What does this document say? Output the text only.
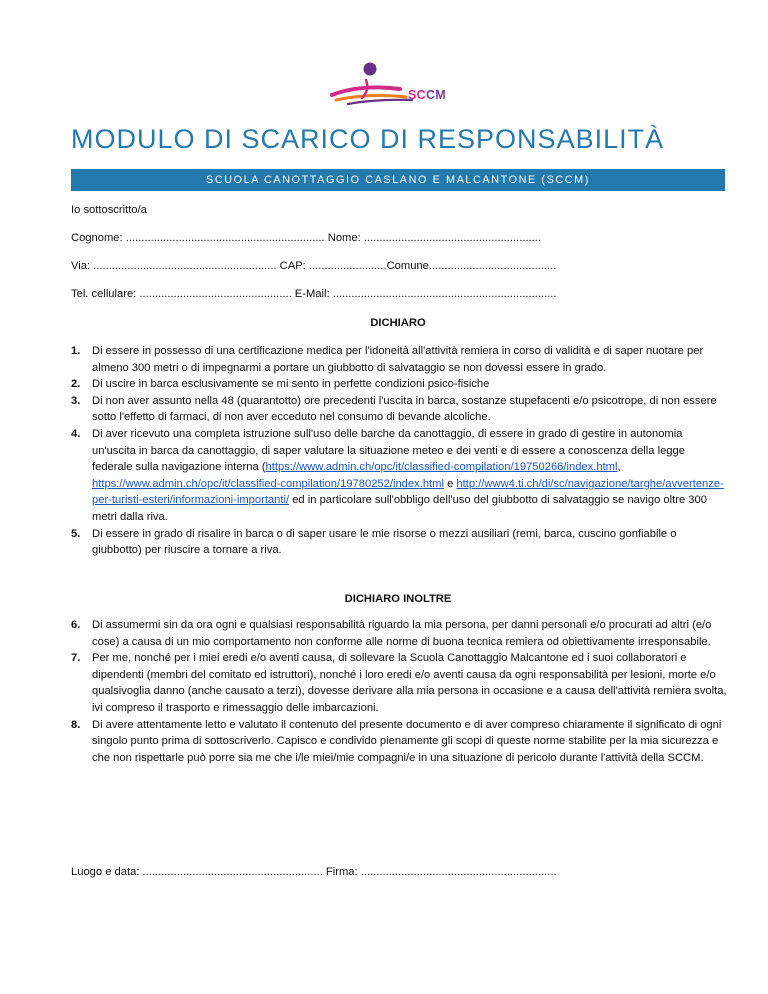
SCCM
MODULO DI SCARICO DI RESPONSABILITÀ
SCUOLA CANOTTAGGIO CASLANO E MALCANTONE (SCCM)
Io sottoscritto/a
Cognome: ................................................................ Nome: .........................................................
Via: ........................................................... CAP: .........................Comune.........................................
Tel. cellulare: ................................................. E-Mail: ........................................................................
DICHIARO
1. Di essere in possesso di una certificazione medica per l'idoneità all'attività remiera in corso di validità e di saper nuotare per almeno 300 metri o di impegnarmi a portare un giubbotto di salvataggio se non dovessi essere in grado.
2. Di uscire in barca esclusivamente se mi sento in perfette condizioni psico-fisiche
3. Di non aver assunto nella 48 (quarantotto) ore precedenti l'uscita in barca, sostanze stupefacenti e/o psicotrope, di non essere sotto l'effetto di farmaci, di non aver ecceduto nel consumo di bevande alcoliche.
4. Di aver ricevuto una completa istruzione sull'uso delle barche da canottaggio, di essere in grado di gestire in autonomia un'uscita in barca da canottaggio, di saper valutare la situazione meteo e dei venti e di essere a conoscenza della legge federale sulla navigazione interna (https://www.admin.ch/opc/it/classified-compilation/19750266/index.html, https://www.admin.ch/opc/it/classified-compilation/19780252/index.html e http://www4.ti.ch/di/sc/navigazione/targhe/avvertenze-per-turisti-esteri/informazioni-importanti/ ed in particolare sull'obbligo dell'uso del giubbotto di salvataggio se navigo oltre 300 metri dalla riva.
5. Di essere in grado di risalire in barca o di saper usare le mie risorse o mezzi ausiliari (remi, barca, cuscino gonfiabile o giubbotto) per riuscire a tornare a riva.
DICHIARO INOLTRE
6. Di assumermi sin da ora ogni e qualsiasi responsabilità riguardo la mia persona, per danni personali e/o procurati ad altri (e/o cose) a causa di un mio comportamento non conforme alle norme di buona tecnica remiera od obiettivamente irresponsabile.
7. Per me, nonché per i miei eredi e/o aventi causa, di sollevare la Scuola Canottaggio Malcantone ed i suoi collaboratori e dipendenti (membri del comitato ed istruttori), nonché i loro eredi e/o aventi causa da ogni responsabilità per lesioni, morte e/o qualsivoglia danno (anche causato a terzi), dovesse derivare alla mia persona in occasione e a causa dell'attività remiera svolta, ivi compreso il trasporto e rimessaggio delle imbarcazioni.
8. Di avere attentamente letto e valutato il contenuto del presente documento e di aver compreso chiaramente il significato di ogni singolo punto prima di sottoscriverlo. Capisco e condivido pienamente gli scopi di queste norme stabilite per la mia sicurezza e che non rispettarle può porre sia me che i/le miei/mie compagni/e in una situazione di pericolo durante l'attività della SCCM.
Luogo e data: .......................................................... Firma: ...............................................................
